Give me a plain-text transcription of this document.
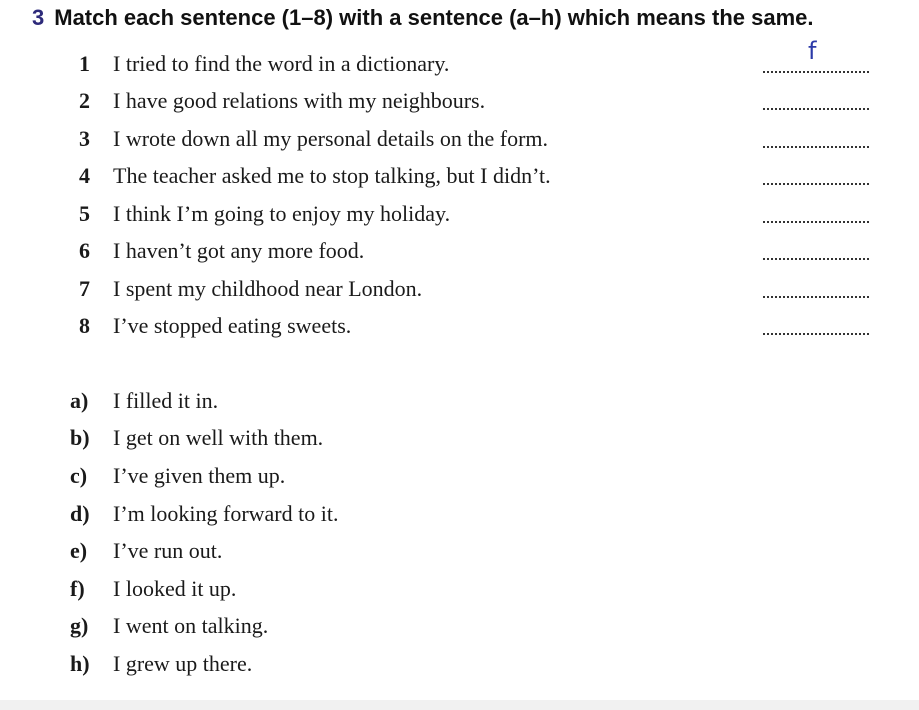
3 Match each sentence (1–8) with a sentence (a–h) which means the same.
1 I tried to find the word in a dictionary.	f
2 I have good relations with my neighbours.
3 I wrote down all my personal details on the form.
4 The teacher asked me to stop talking, but I didn’t.
5 I think I’m going to enjoy my holiday.
6 I haven’t got any more food.
7 I spent my childhood near London.
8 I’ve stopped eating sweets.
a) I filled it in.
b) I get on well with them.
c) I’ve given them up.
d) I’m looking forward to it.
e) I’ve run out.
f) I looked it up.
g) I went on talking.
h) I grew up there.
